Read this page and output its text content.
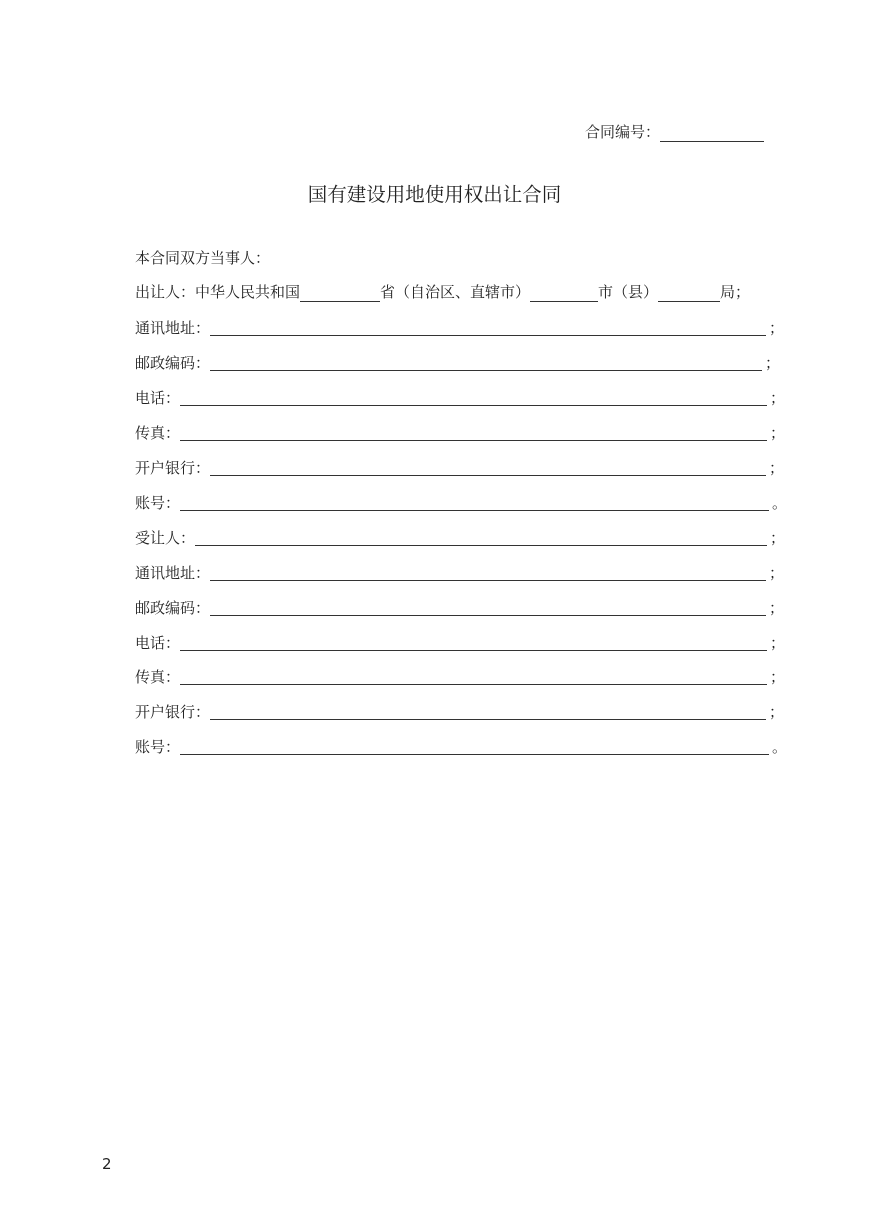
合同编号：
国有建设用地使用权出让合同
本合同双方当事人：
出让人：中华人民共和国	省（自治区、直辖市）	市（县）	局；
通讯地址：	；
邮政编码：	；
电话：	；
传真：	；
开户银行：	；
账号：	。
受让人：	；
通讯地址：	；
邮政编码：	；
电话：	；
传真：	；
开户银行：	；
账号：	。
2
